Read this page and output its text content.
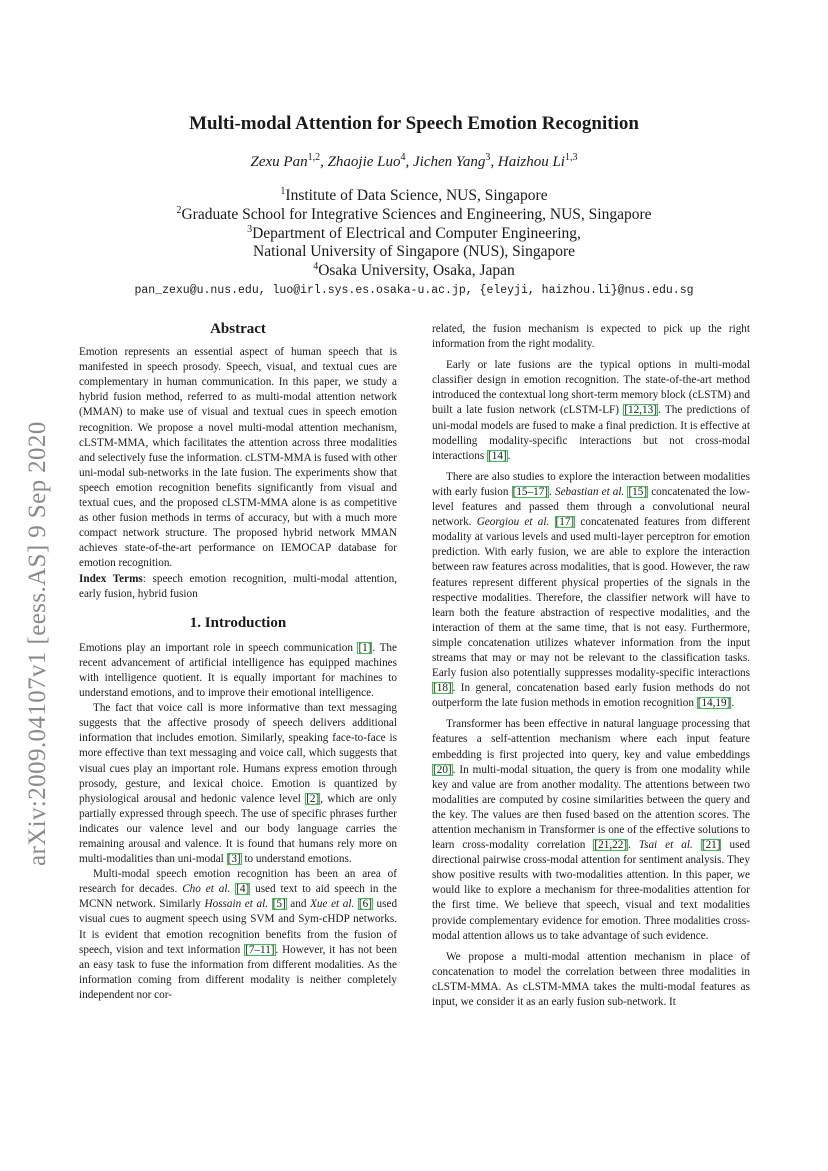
arXiv:2009.04107v1 [eess.AS] 9 Sep 2020
Multi-modal Attention for Speech Emotion Recognition
Zexu Pan$^{1,2}$, Zhaojie Luo$^4$, Jichen Yang$^3$, Haizhou Li$^{1,3}$
$^1$Institute of Data Science, NUS, Singapore
$^2$Graduate School for Integrative Sciences and Engineering, NUS, Singapore
$^3$Department of Electrical and Computer Engineering,
National University of Singapore (NUS), Singapore
$^4$Osaka University, Osaka, Japan
pan_zexu@u.nus.edu, luo@irl.sys.es.osaka-u.ac.jp, {eleyji, haizhou.li}@nus.edu.sg
Abstract

Emotion represents an essential aspect of human speech that is manifested in speech prosody. Speech, visual, and textual cues are complementary in human communication. In this paper, we study a hybrid fusion method, referred to as multi-modal attention network (MMAN) to make use of visual and textual cues in speech emotion recognition. We propose a novel multi-modal attention mechanism, cLSTM-MMA, which facilitates the attention across three modalities and selectively fuse the information. cLSTM-MMA is fused with other uni-modal sub-networks in the late fusion. The experiments show that speech emotion recognition benefits significantly from visual and textual cues, and the proposed cLSTM-MMA alone is as competitive as other fusion methods in terms of accuracy, but with a much more compact network structure. The proposed hybrid network MMAN achieves state-of-the-art performance on IEMOCAP database for emotion recognition.

Index Terms: speech emotion recognition, multi-modal attention, early fusion, hybrid fusion

1. Introduction

Emotions play an important role in speech communication [1]. The recent advancement of artificial intelligence has equipped machines with intelligence quotient. It is equally important for machines to understand emotions, and to improve their emotional intelligence.

The fact that voice call is more informative than text messaging suggests that the affective prosody of speech delivers additional information that includes emotion. Similarly, speaking face-to-face is more effective than text messaging and voice call, which suggests that visual cues play an important role. Humans express emotion through prosody, gesture, and lexical choice. Emotion is quantized by physiological arousal and hedonic valence level [2], which are only partially expressed through speech. The use of specific phrases further indicates our valence level and our body language carries the remaining arousal and valence. It is found that humans rely more on multi-modalities than uni-modal [3] to understand emotions.

Multi-modal speech emotion recognition has been an area of research for decades. Cho et al. [4] used text to aid speech in the MCNN network. Similarly Hossain et al. [5] and Xue et al. [6] used visual cues to augment speech using SVM and Sym-cHDP networks. It is evident that emotion recognition benefits from the fusion of speech, vision and text information [7–11]. However, it has not been an easy task to fuse the information from different modalities. As the information coming from different modality is neither completely independent nor cor-

related, the fusion mechanism is expected to pick up the right information from the right modality.

Early or late fusions are the typical options in multi-modal classifier design in emotion recognition. The state-of-the-art method introduced the contextual long short-term memory block (cLSTM) and built a late fusion network (cLSTM-LF) [12,13]. The predictions of uni-modal models are fused to make a final prediction. It is effective at modelling modality-specific interactions but not cross-modal interactions [14].

There are also studies to explore the interaction between modalities with early fusion [15–17]. Sebastian et al. [15] concatenated the low-level features and passed them through a convolutional neural network. Georgiou et al. [17] concatenated features from different modality at various levels and used multi-layer perceptron for emotion prediction. With early fusion, we are able to explore the interaction between raw features across modalities, that is good. However, the raw features represent different physical properties of the signals in the respective modalities. Therefore, the classifier network will have to learn both the feature abstraction of respective modalities, and the interaction of them at the same time, that is not easy. Furthermore, simple concatenation utilizes whatever information from the input streams that may or may not be relevant to the classification tasks. Early fusion also potentially suppresses modality-specific interactions [18]. In general, concatenation based early fusion methods do not outperform the late fusion methods in emotion recognition [14,19].

Transformer has been effective in natural language processing that features a self-attention mechanism where each input feature embedding is first projected into query, key and value embeddings [20]. In multi-modal situation, the query is from one modality while key and value are from another modality. The attentions between two modalities are computed by cosine similarities between the query and the key. The values are then fused based on the attention scores. The attention mechanism in Transformer is one of the effective solutions to learn cross-modality correlation [21,22]. Tsai et al. [21] used directional pairwise cross-modal attention for sentiment analysis. They show positive results with two-modalities attention. In this paper, we would like to explore a mechanism for three-modalities attention for the first time. We believe that speech, visual and text modalities provide complementary evidence for emotion. Three modalities cross-modal attention allows us to take advantage of such evidence.

We propose a multi-modal attention mechanism in place of concatenation to model the correlation between three modalities in cLSTM-MMA. As cLSTM-MMA takes the multi-modal features as input, we consider it as an early fusion sub-network. It
